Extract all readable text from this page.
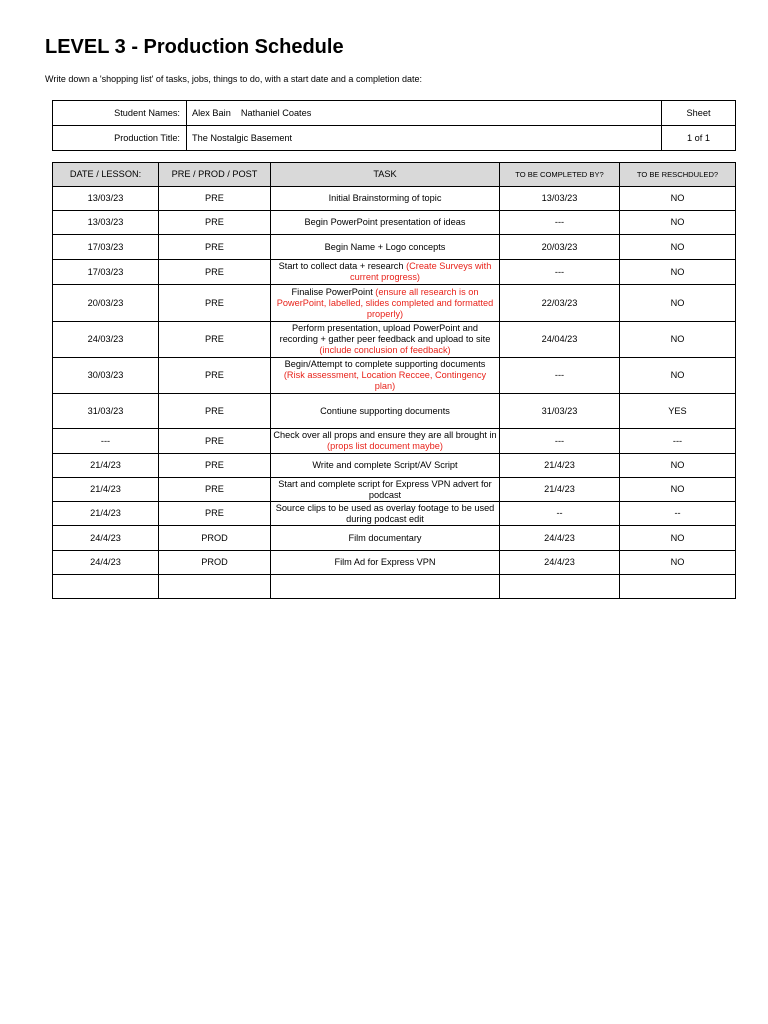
LEVEL 3 - Production Schedule
Write down a 'shopping list' of tasks, jobs, things to do, with a start date and a completion date:
Student Names:	Alex Bain Nathaniel Coates	Sheet
Production Title:	The Nostalgic Basement	1 of 1
DATE / LESSON:	PRE / PROD / POST	TASK	TO BE COMPLETED BY?	TO BE RESCHDULED?
13/03/23	PRE	Initial Brainstorming of topic	13/03/23	NO
13/03/23	PRE	Begin PowerPoint presentation of ideas	---	NO
17/03/23	PRE	Begin Name + Logo concepts	20/03/23	NO
17/03/23	PRE	Start to collect data + research (Create Surveys with current progress)	---	NO
20/03/23	PRE	Finalise PowerPoint (ensure all research is on PowerPoint, labelled, slides completed and formatted properly)	22/03/23	NO
24/03/23	PRE	Perform presentation, upload PowerPoint and recording + gather peer feedback and upload to site (include conclusion of feedback)	24/04/23	NO
30/03/23	PRE	Begin/Attempt to complete supporting documents (Risk assessment, Location Reccee, Contingency plan)	---	NO
31/03/23	PRE	Contiune supporting documents	31/03/23	YES
---	PRE	Check over all props and ensure they are all brought in (props list document maybe)	---	---
21/4/23	PRE	Write and complete Script/AV Script	21/4/23	NO
21/4/23	PRE	Start and complete script for Express VPN advert for podcast	21/4/23	NO
21/4/23	PRE	Source clips to be used as overlay footage to be used during podcast edit	--	--
24/4/23	PROD	Film documentary	24/4/23	NO
24/4/23	PROD	Film Ad for Express VPN	24/4/23	NO
